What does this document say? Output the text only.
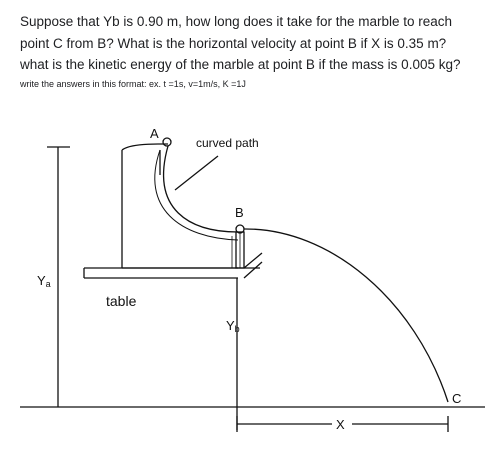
Suppose that Yb is 0.90 m, how long does it take for the marble to reach
point C from B? What is the horizontal velocity at point B if X is 0.35 m?
what is the kinetic energy of the marble at point B if the mass is 0.005 kg?
write the answers in this format: ex. t =1s, v=1m/s, K =1J
A
curved path
B
Ya
table
Yb
C
X
